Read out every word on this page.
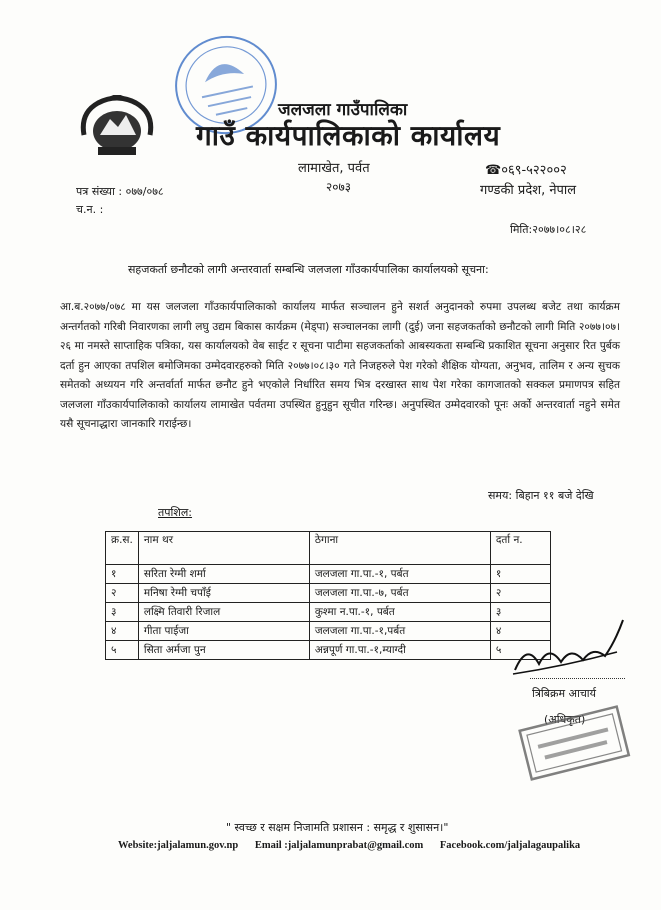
जलजला गाउँपालिका
गाउँ कार्यपालिकाको कार्यालय
लामाखेत, पर्वत
२०७३
☎०६९-५२२००२
गण्डकी प्रदेश, नेपाल
पत्र संख्या : ०७७/०७८
च.न. :
मिति:२०७७।०८।२८
सहजकर्ता छनौटको लागी अन्तरवार्ता सम्बन्धि जलजला गाँउकार्यपालिका कार्यालयको सूचना:
आ.ब.२०७७/०७८ मा यस जलजला गाँउकार्यपालिकाको कार्यालय मार्फत सञ्चालन हुने सशर्त अनुदानको रुपमा उपलब्ध बजेट तथा कार्यक्रम अन्तर्गतको गरिबी निवारणका लागी लघु उद्यम बिकास कार्यक्रम (मेड्पा) सञ्चालनका लागी (दुई) जना सहजकर्ताको छनौटको लागी मिति २०७७।०७।२६ मा नमस्ते साप्ताहिक पत्रिका, यस कार्यालयको वेब साईट र सूचना पाटीमा सहजकर्ताको आबस्यकता सम्बन्धि प्रकाशित सूचना अनुसार रित पुर्बक दर्ता हुन आएका तपशिल बमोजिमका उम्मेदवारहरुको मिति २०७७।०८।३० गते निजहरुले पेश गरेको शैक्षिक योग्यता, अनुभव, तालिम र अन्य सुचक समेतको अध्ययन गरि अन्तर्वार्ता मार्फत छनौट हुने भएकोले निर्धारित समय भित्र दरखास्त साथ पेश गरेका कागजातको सक्कल प्रमाणपत्र सहित जलजला गाँउकार्यपालिकाको कार्यालय लामाखेत पर्वतमा उपस्थित हुनुहुन सूचीत गरिन्छ। अनुपस्थित उम्मेदवारको पूनः अर्को अन्तरवार्ता नहुने समेत यसै सूचनाद्धारा जानकारि गराईन्छ।
समय: बिहान ११ बजे देखि
तपशिल:
क्र.स.	नाम थर	ठेगाना	दर्ता न.
१	सरिता रेग्मी शर्मा	जलजला गा.पा.-१, पर्बत	१
२	मनिषा रेग्मी चपाँई	जलजला गा.पा.-७, पर्बत	२
३	लक्ष्मि तिवारी रिजाल	कुश्मा न.पा.-१, पर्बत	३
४	गीता पाईजा	जलजला गा.पा.-१,पर्बत	४
५	सिता अर्मजा पुन	अन्नपूर्ण गा.पा.-१,म्याग्दी	५
त्रिबिक्रम आचार्य
(अधिकृत)
" स्वच्छ र सक्षम निजामति प्रशासन : समृद्ध र शुसासन।"
Website:jaljalamun.gov.np Email :jaljalamunprabat@gmail.com Facebook.com/jaljalagaupalika
